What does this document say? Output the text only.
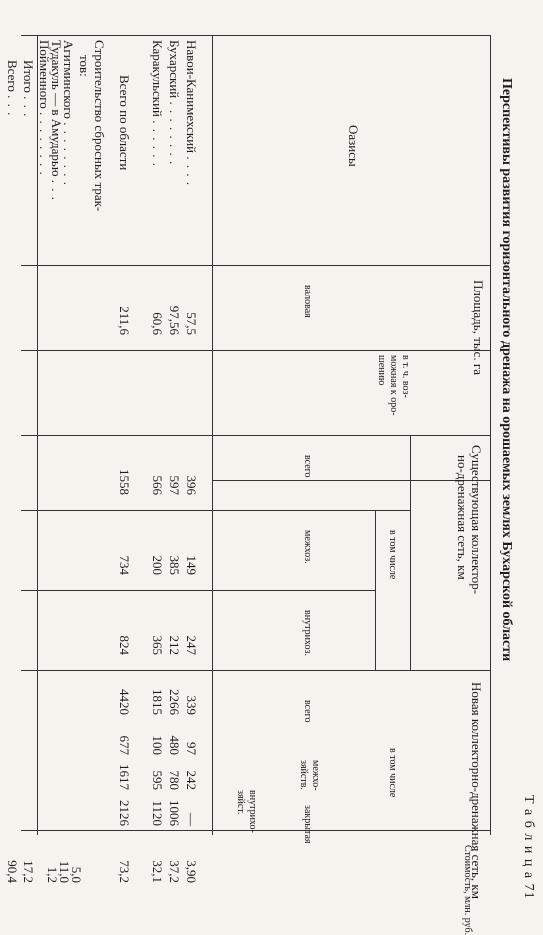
Т а б л и ц а 71
Перспективы развития горизонтального дренажа на орошаемых землях Бухарской области
Оазисы
Площадь, тыс. га
валовая
в т. ч. воз-
можная к оро-
шению
Существующая коллектор-
но-дренажная сеть, км
всего
в том числе
межхоз.
внутрихоз.
Новая коллекторно-дренажная сеть, км
всего
в том числе
межхо-
зяйств.
внутрихо-
зяйст.
закрытая
Стоимость, млн. руб.
Навои-Канимехский . . . .
Бухарский . . . . . . . .
Каракульский . . . . . .
57,5
97,56
60,6
396
597
566
149
385
200
247
212
365
339
2266
1815
97
480
100
242
780
595
—
1006
1120
3,90
37,2
32,1
Всего по области
211,6
1558
734
824
4420
677
1617
2126
73,2
Строительство сбросных трак-
тов:
Агитминского . . . . . . . .
Тудакуль — в Амударью . . .
Пойменного . . . . . . . .
5,0
11,0
1,2
Итого . . .
17,2
Всего . . .
90,4
